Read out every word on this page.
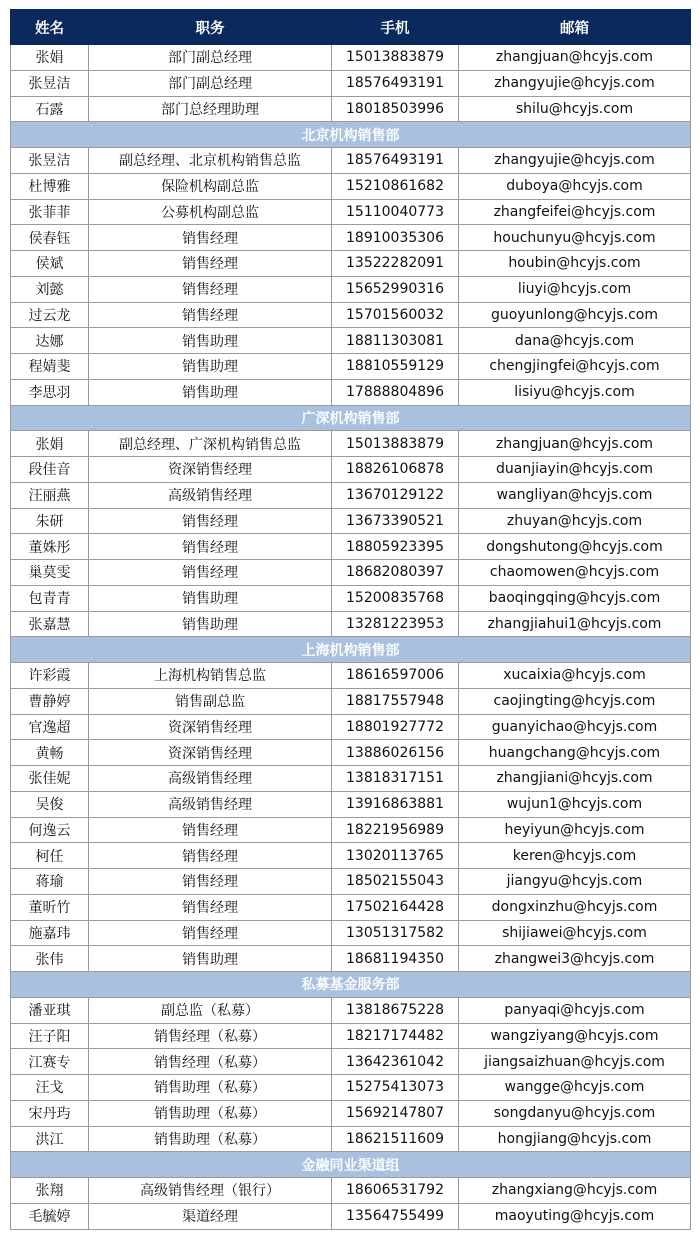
姓名	职务	手机	邮箱
张娟	部门副总经理	15013883879	zhangjuan@hcyjs.com
张昱洁	部门副总经理	18576493191	zhangyujie@hcyjs.com
石露	部门总经理助理	18018503996	shilu@hcyjs.com
北京机构销售部			
张昱洁	副总经理、北京机构销售总监	18576493191	zhangyujie@hcyjs.com
杜博雅	保险机构副总监	15210861682	duboya@hcyjs.com
张菲菲	公募机构副总监	15110040773	zhangfeifei@hcyjs.com
侯春钰	销售经理	18910035306	houchunyu@hcyjs.com
侯斌	销售经理	13522282091	houbin@hcyjs.com
刘懿	销售经理	15652990316	liuyi@hcyjs.com
过云龙	销售经理	15701560032	guoyunlong@hcyjs.com
达娜	销售助理	18811303081	dana@hcyjs.com
程婧斐	销售助理	18810559129	chengjingfei@hcyjs.com
李思羽	销售助理	17888804896	lisiyu@hcyjs.com
广深机构销售部			
张娟	副总经理、广深机构销售总监	15013883879	zhangjuan@hcyjs.com
段佳音	资深销售经理	18826106878	duanjiayin@hcyjs.com
汪丽燕	高级销售经理	13670129122	wangliyan@hcyjs.com
朱研	销售经理	13673390521	zhuyan@hcyjs.com
董姝彤	销售经理	18805923395	dongshutong@hcyjs.com
巢莫雯	销售经理	18682080397	chaomowen@hcyjs.com
包青青	销售助理	15200835768	baoqingqing@hcyjs.com
张嘉慧	销售助理	13281223953	zhangjiahui1@hcyjs.com
上海机构销售部			
许彩霞	上海机构销售总监	18616597006	xucaixia@hcyjs.com
曹静婷	销售副总监	18817557948	caojingting@hcyjs.com
官逸超	资深销售经理	18801927772	guanyichao@hcyjs.com
黄畅	资深销售经理	13886026156	huangchang@hcyjs.com
张佳妮	高级销售经理	13818317151	zhangjiani@hcyjs.com
吴俊	高级销售经理	13916863881	wujun1@hcyjs.com
何逸云	销售经理	18221956989	heyiyun@hcyjs.com
柯任	销售经理	13020113765	keren@hcyjs.com
蒋瑜	销售经理	18502155043	jiangyu@hcyjs.com
董昕竹	销售经理	17502164428	dongxinzhu@hcyjs.com
施嘉玮	销售经理	13051317582	shijiawei@hcyjs.com
张伟	销售助理	18681194350	zhangwei3@hcyjs.com
私募基金服务部			
潘亚琪	副总监（私募）	13818675228	panyaqi@hcyjs.com
汪子阳	销售经理（私募）	18217174482	wangziyang@hcyjs.com
江赛专	销售经理（私募）	13642361042	jiangsaizhuan@hcyjs.com
汪戈	销售助理（私募）	15275413073	wangge@hcyjs.com
宋丹玙	销售助理（私募）	15692147807	songdanyu@hcyjs.com
洪江	销售助理（私募）	18621511609	hongjiang@hcyjs.com
金融同业渠道组			
张翔	高级销售经理（银行）	18606531792	zhangxiang@hcyjs.com
毛毓婷	渠道经理	13564755499	maoyuting@hcyjs.com
